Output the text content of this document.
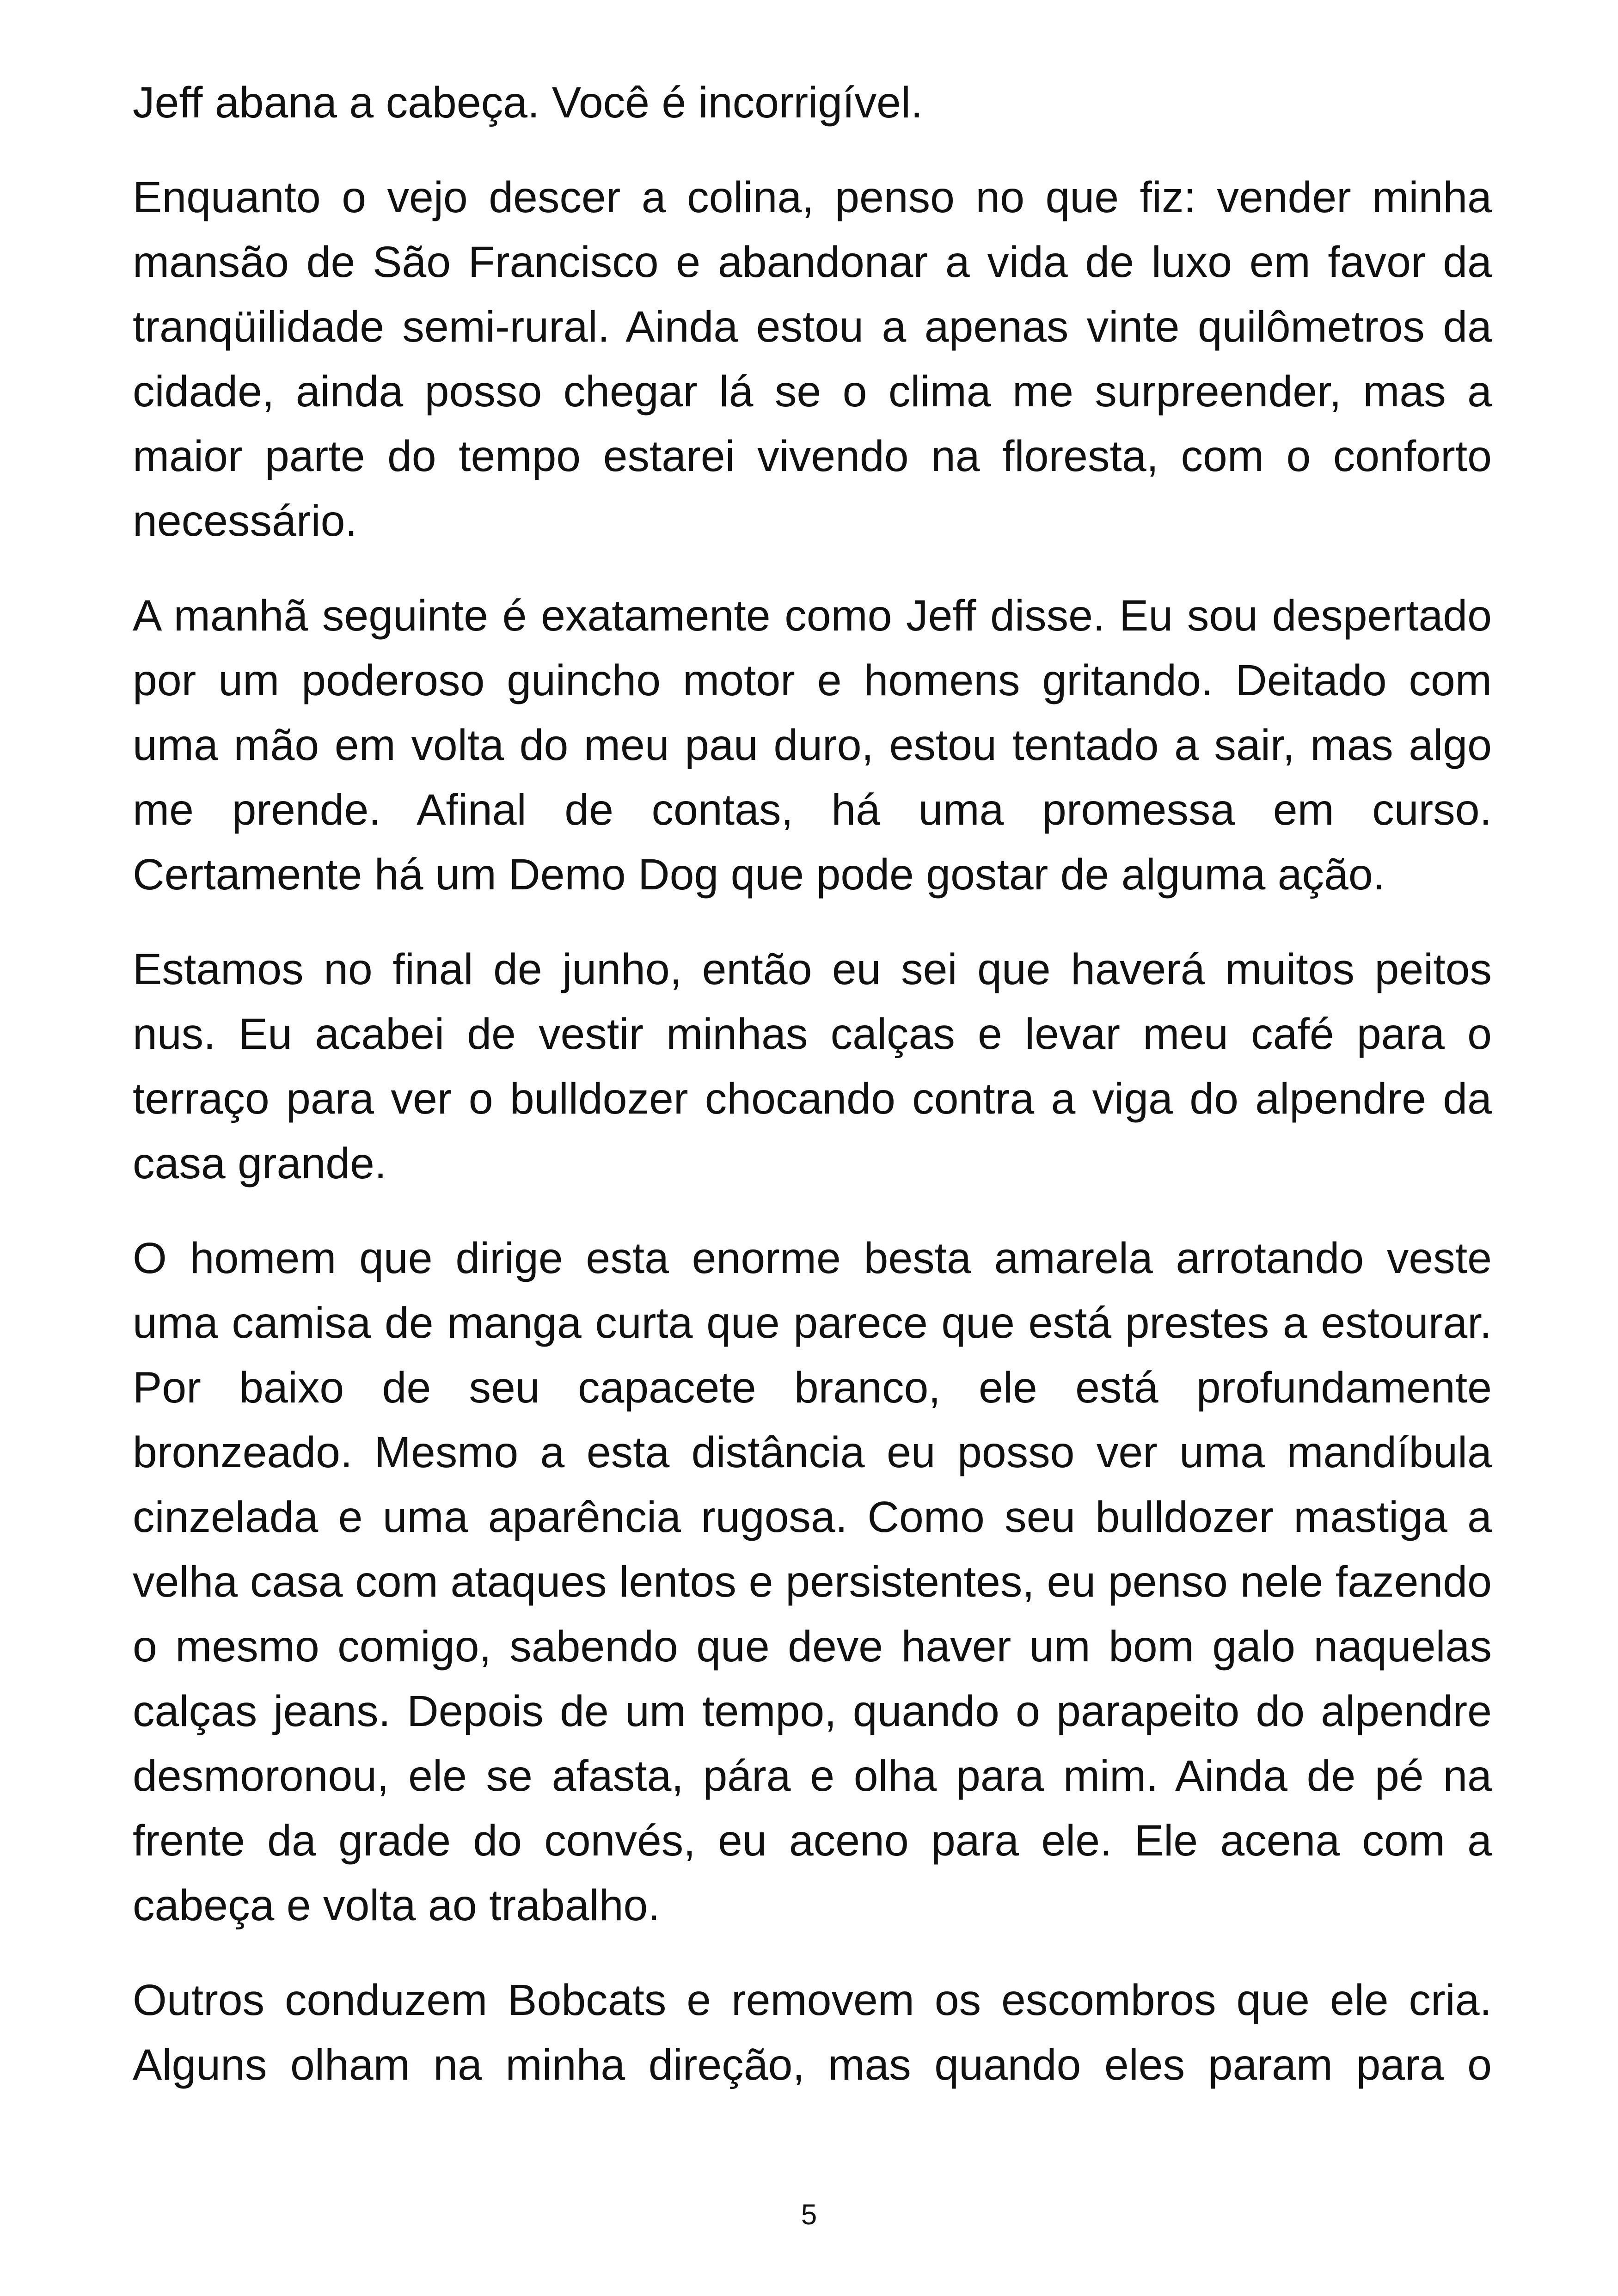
Jeff abana a cabeça. Você é incorrigível.

Enquanto o vejo descer a colina, penso no que fiz: vender minha mansão de São Francisco e abandonar a vida de luxo em favor da tranqüilidade semi-rural. Ainda estou a apenas vinte quilômetros da cidade, ainda posso chegar lá se o clima me surpreender, mas a maior parte do tempo estarei vivendo na floresta, com o conforto necessário.

A manhã seguinte é exatamente como Jeff disse. Eu sou despertado por um poderoso guincho motor e homens gritando. Deitado com uma mão em volta do meu pau duro, estou tentado a sair, mas algo me prende. Afinal de contas, há uma promessa em curso. Certamente há um Demo Dog que pode gostar de alguma ação.

Estamos no final de junho, então eu sei que haverá muitos peitos nus. Eu acabei de vestir minhas calças e levar meu café para o terraço para ver o bulldozer chocando contra a viga do alpendre da casa grande.

O homem que dirige esta enorme besta amarela arrotando veste uma camisa de manga curta que parece que está prestes a estourar. Por baixo de seu capacete branco, ele está profundamente bronzeado. Mesmo a esta distância eu posso ver uma mandíbula cinzelada e uma aparência rugosa. Como seu bulldozer mastiga a velha casa com ataques lentos e persistentes, eu penso nele fazendo o mesmo comigo, sabendo que deve haver um bom galo naquelas calças jeans. Depois de um tempo, quando o parapeito do alpendre desmoronou, ele se afasta, pára e olha para mim. Ainda de pé na frente da grade do convés, eu aceno para ele. Ele acena com a cabeça e volta ao trabalho.

Outros conduzem Bobcats e removem os escombros que ele cria. Alguns olham na minha direção, mas quando eles param para o

5
